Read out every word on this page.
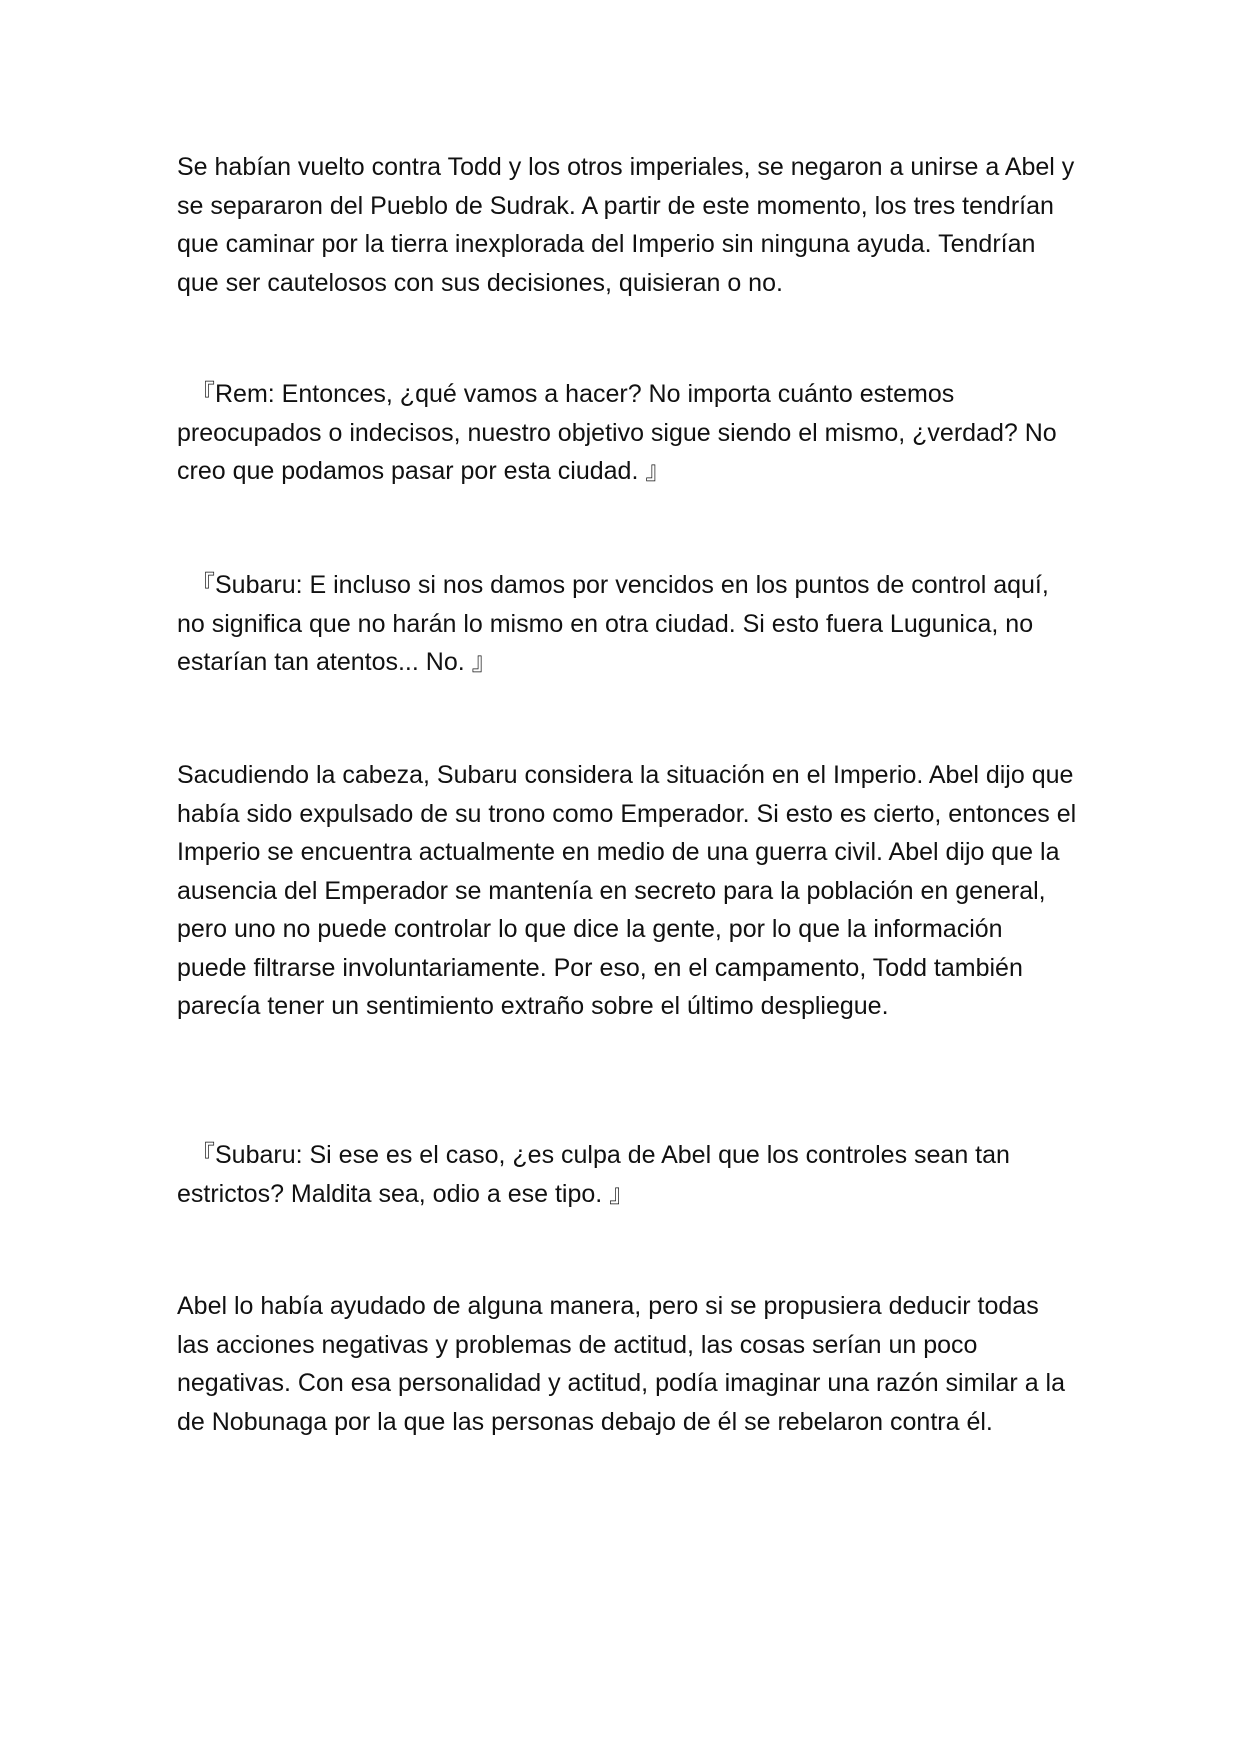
Se habían vuelto contra Todd y los otros imperiales, se negaron a unirse a Abel y se separaron del Pueblo de Sudrak. A partir de este momento, los tres tendrían que caminar por la tierra inexplorada del Imperio sin ninguna ayuda. Tendrían que ser cautelosos con sus decisiones, quisieran o no.

『Rem: Entonces, ¿qué vamos a hacer? No importa cuánto estemos preocupados o indecisos, nuestro objetivo sigue siendo el mismo, ¿verdad? No creo que podamos pasar por esta ciudad. 』

『Subaru: E incluso si nos damos por vencidos en los puntos de control aquí, no significa que no harán lo mismo en otra ciudad. Si esto fuera Lugunica, no estarían tan atentos... No. 』

Sacudiendo la cabeza, Subaru considera la situación en el Imperio. Abel dijo que había sido expulsado de su trono como Emperador. Si esto es cierto, entonces el Imperio se encuentra actualmente en medio de una guerra civil. Abel dijo que la ausencia del Emperador se mantenía en secreto para la población en general, pero uno no puede controlar lo que dice la gente, por lo que la información puede filtrarse involuntariamente. Por eso, en el campamento, Todd también parecía tener un sentimiento extraño sobre el último despliegue.

『Subaru: Si ese es el caso, ¿es culpa de Abel que los controles sean tan estrictos? Maldita sea, odio a ese tipo. 』

Abel lo había ayudado de alguna manera, pero si se propusiera deducir todas las acciones negativas y problemas de actitud, las cosas serían un poco negativas. Con esa personalidad y actitud, podía imaginar una razón similar a la de Nobunaga por la que las personas debajo de él se rebelaron contra él.
